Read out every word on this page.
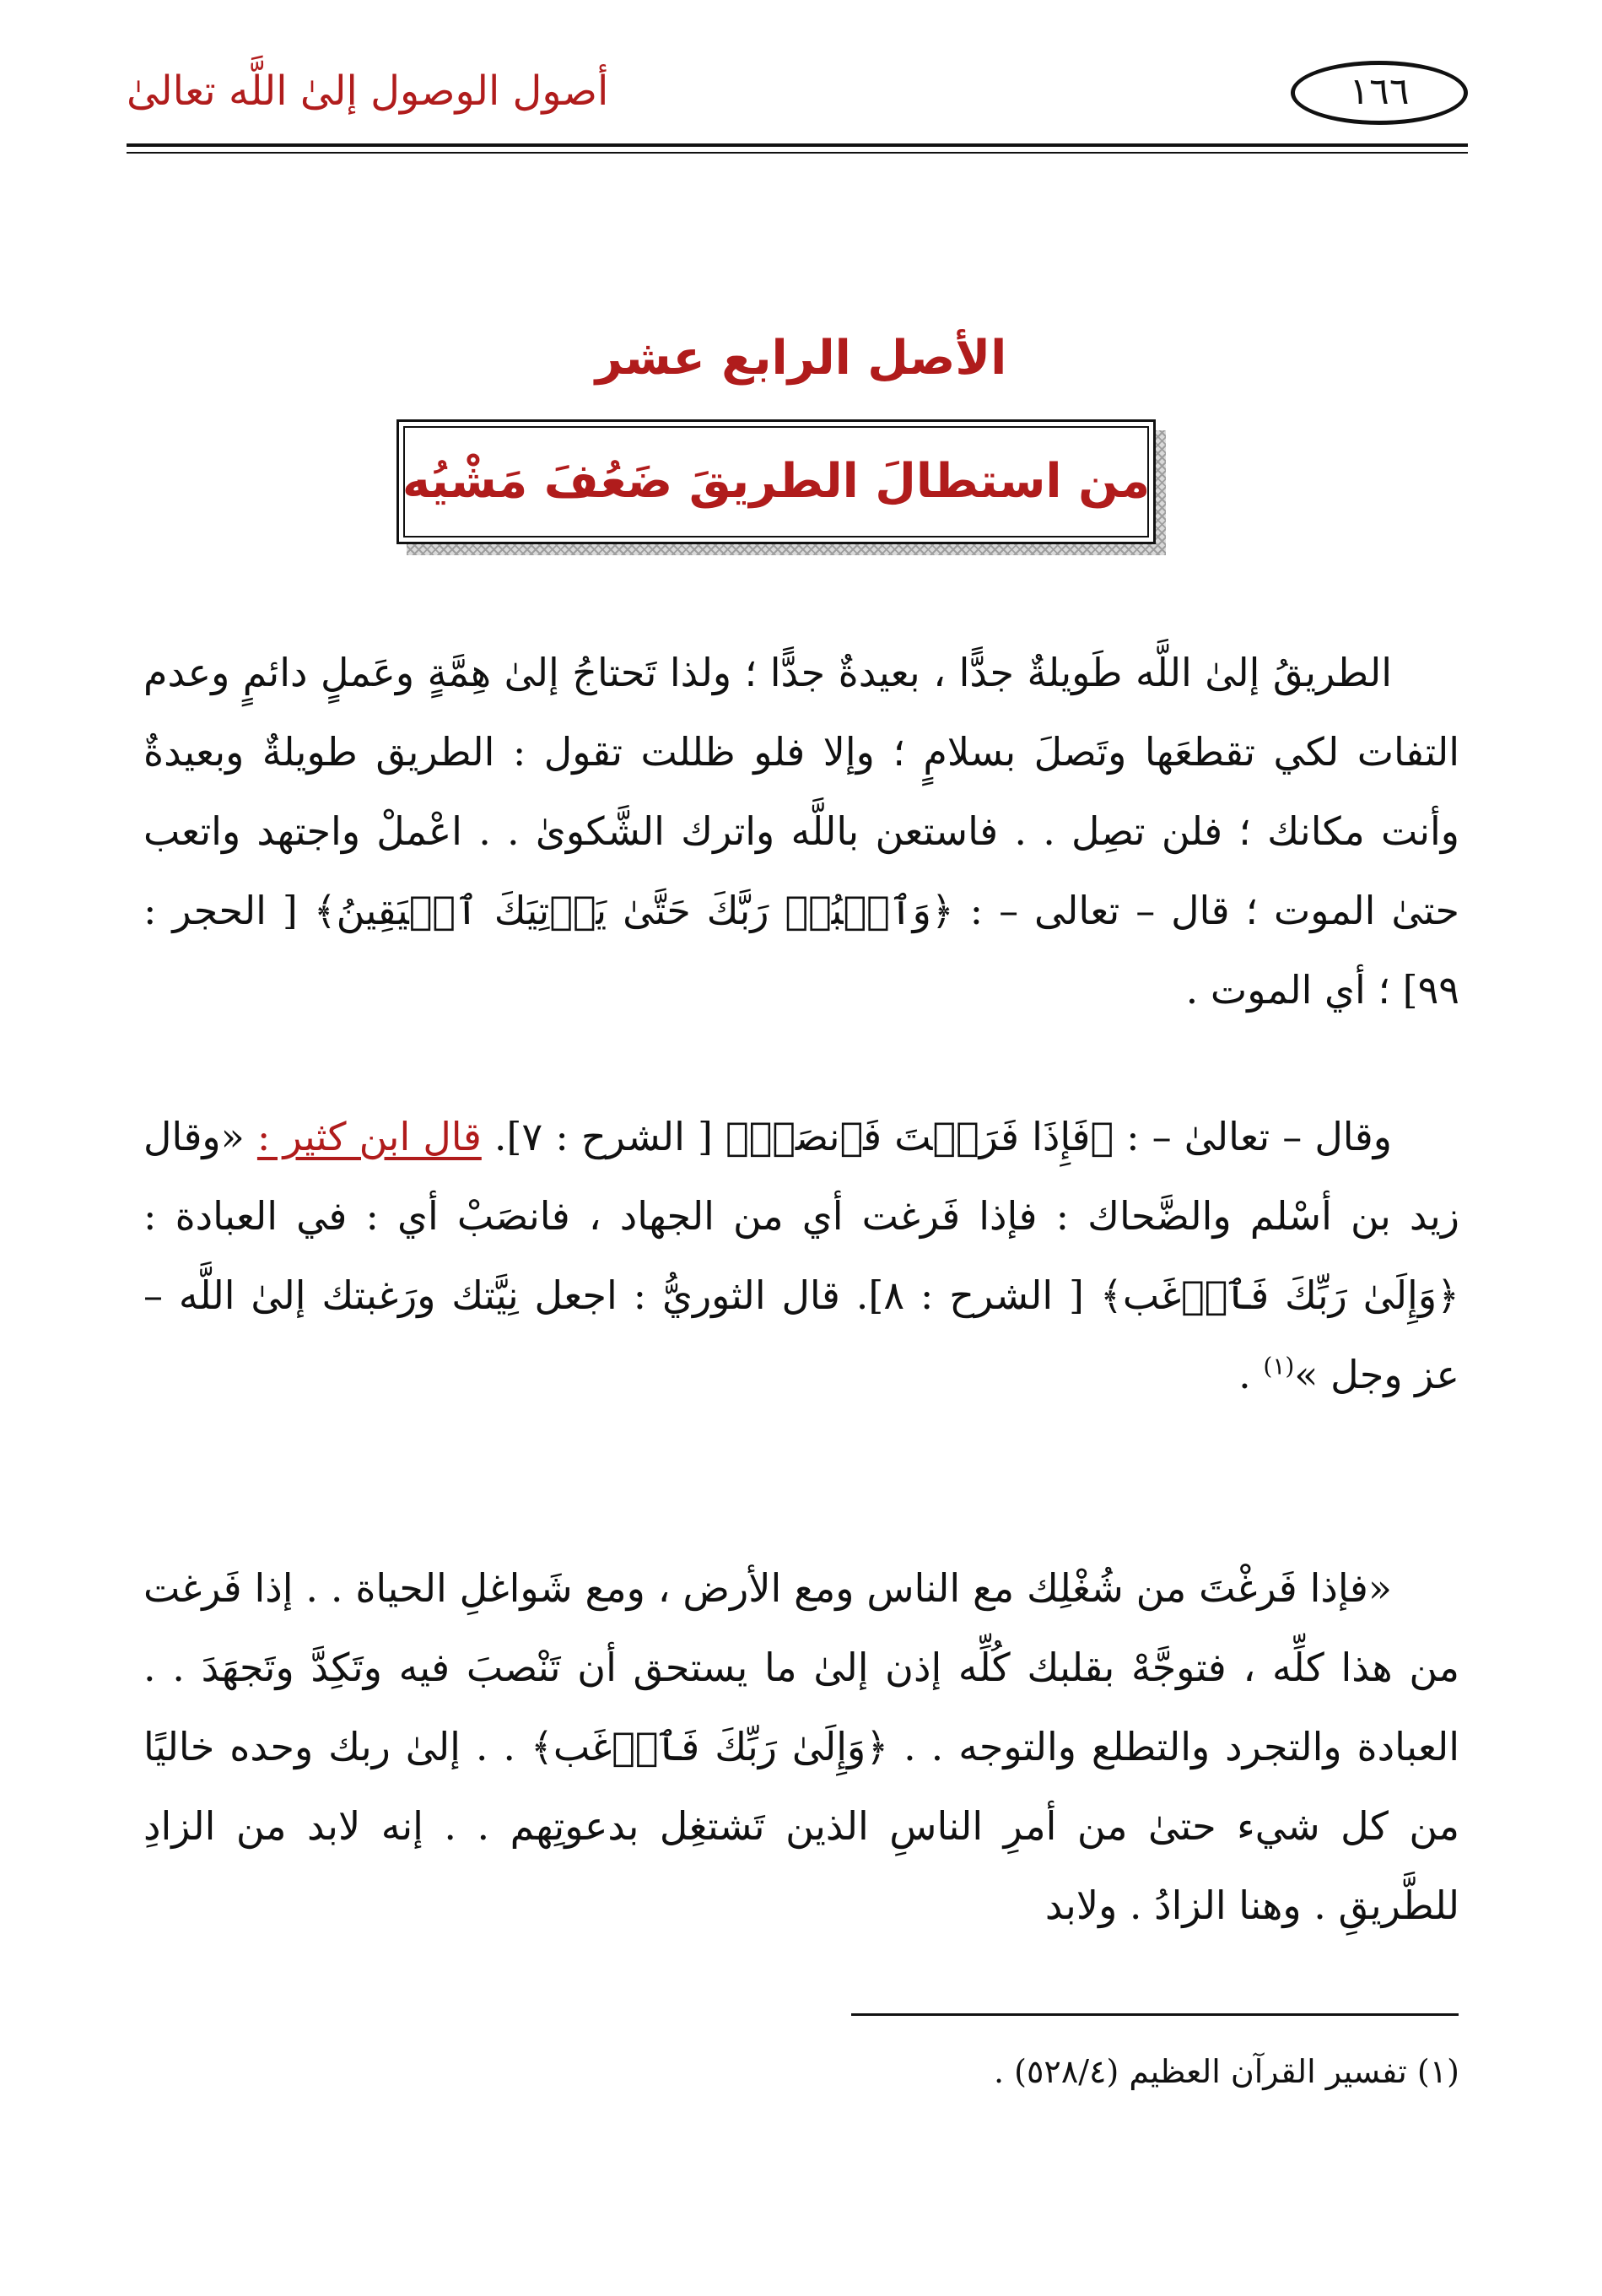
أصول الوصول إلىٰ اللَّه تعالىٰ	١٦٦
الأصل الرابع عشر
من استطالَ الطريقَ ضَعُفَ مَشْيُه

الطريقُ إلىٰ اللَّه طَويلةٌ جدًّا ، بعيدةٌ جدًّا ؛ ولذا تَحتاجُ إلىٰ هِمَّةٍ وعَملٍ دائمٍ وعدم التفات لكي تقطعَها وتَصلَ بسلامٍ ؛ وإلا فلو ظللت تقول : الطريق طويلةٌ وبعيدةٌ وأنت مكانك ؛ فلن تصِل . . فاستعن باللَّه واترك الشَّكوىٰ . . اعْملْ واجتهد واتعب حتىٰ الموت ؛ قال – تعالى – : ﴿وَٱعۡبُدۡ رَبَّكَ حَتَّىٰ يَأۡتِيَكَ ٱلۡيَقِينُ﴾ [ الحجر : ٩٩] ؛ أي الموت .

وقال – تعالىٰ – : ﴿فَإِذَا فَرَغۡتَ فَٱنصَبۡ﴾ [ الشرح : ٧]. قال ابن كثير : «وقال زيد بن أسْلم والضَّحاك : فإذا فَرغت أي من الجهاد ، فانصَبْ أي : في العبادة : ﴿وَإِلَىٰ رَبِّكَ فَٱرۡغَب﴾ [ الشرح : ٨]. قال الثوريُّ : اجعل نِيَّتك ورَغبتك إلىٰ اللَّه – عز وجل »$^{(١)}$ .

«فإذا فَرغْتَ من شُغْلِك مع الناس ومع الأرض ، ومع شَواغلِ الحياة . . إذا فَرغت من هذا كلِّه ، فتوجَّهْ بقلبك كُلِّه إذن إلىٰ ما يستحق أن تَنْصبَ فيه وتَكِدَّ وتَجهَدَ . . العبادة والتجرد والتطلع والتوجه . . ﴿وَإِلَىٰ رَبِّكَ فَٱرۡغَب﴾ . . إلىٰ ربك وحده خاليًا من كل شيء حتىٰ من أمرِ الناسِ الذين تَشتغِل بدعوتِهم . . إنه لابد من الزادِ للطَّريقِ . وهنا الزادُ . ولابد

(١) تفسير القرآن العظيم (٥٢٨/٤) .
